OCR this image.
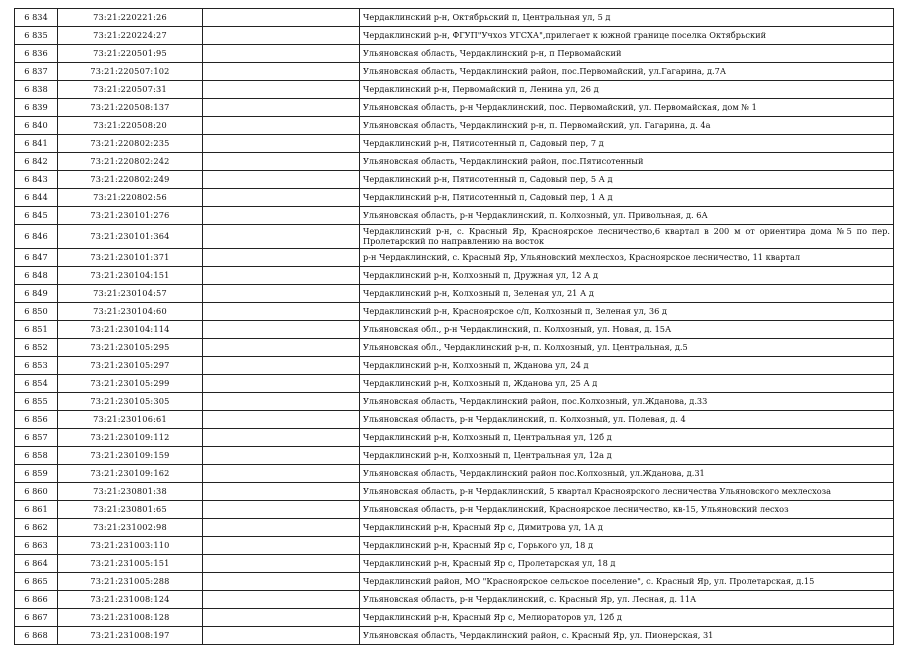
6 834	73:21:220221:26		Чердаклинский р-н, Октябрьский п, Центральная ул, 5 д
6 835	73:21:220224:27		Чердаклинский р-н, ФГУП"Учхоз УГСХА",прилегает к южной границе поселка Октябрьский
6 836	73:21:220501:95		Ульяновская область, Чердаклинский р-н, п Первомайский
6 837	73:21:220507:102		Ульяновская область, Чердаклинский район, пос.Первомайский, ул.Гагарина, д.7А
6 838	73:21:220507:31		Чердаклинский р-н, Первомайский п, Ленина ул, 26 д
6 839	73:21:220508:137		Ульяновская область, р-н Чердаклинский, пос. Первомайский, ул. Первомайская, дом № 1
6 840	73:21:220508:20		Ульяновская область, Чердаклинский р-н, п. Первомайский, ул. Гагарина, д. 4а
6 841	73:21:220802:235		Чердаклинский р-н, Пятисотенный п, Садовый пер, 7 д
6 842	73:21:220802:242		Ульяновская область, Чердаклинский район, пос.Пятисотенный
6 843	73:21:220802:249		Чердаклинский р-н, Пятисотенный п, Садовый пер, 5 А д
6 844	73:21:220802:56		Чердаклинский р-н, Пятисотенный п, Садовый пер, 1 А д
6 845	73:21:230101:276		Ульяновская область, р-н Чердаклинский, п. Колхозный, ул. Привольная, д. 6А
6 846	73:21:230101:364		Чердаклинский р-н, с. Красный Яр, Красноярское лесничество,6 квартал в 200 м от ориентира дома №5 по пер. Пролетарский по направлению на восток
6 847	73:21:230101:371		р-н Чердаклинский, с. Красный Яр, Ульяновский мехлесхоз, Красноярское лесничество, 11 квартал
6 848	73:21:230104:151		Чердаклинский р-н, Колхозный п, Дружная ул, 12 А д
6 849	73:21:230104:57		Чердаклинский р-н, Колхозный п, Зеленая ул, 21 А д
6 850	73:21:230104:60		Чердаклинский р-н, Красноярское с/п, Колхозный п, Зеленая ул, 36 д
6 851	73:21:230104:114		Ульяновская обл., р-н Чердаклинский, п. Колхозный, ул. Новая, д. 15А
6 852	73:21:230105:295		Ульяновская обл., Чердаклинский р-н, п. Колхозный, ул. Центральная, д.5
6 853	73:21:230105:297		Чердаклинский р-н, Колхозный п, Жданова ул, 24 д
6 854	73:21:230105:299		Чердаклинский р-н, Колхозный п, Жданова ул, 25 А д
6 855	73:21:230105:305		Ульяновская область, Чердаклинский район, пос.Колхозный, ул.Жданова, д.33
6 856	73:21:230106:61		Ульяновская область, р-н Чердаклинский, п. Колхозный, ул. Полевая, д. 4
6 857	73:21:230109:112		Чердаклинский р-н, Колхозный п, Центральная ул, 12б д
6 858	73:21:230109:159		Чердаклинский р-н, Колхозный п, Центральная ул, 12а д
6 859	73:21:230109:162		Ульяновская область, Чердаклинский район пос.Колхозный, ул.Жданова, д.31
6 860	73:21:230801:38		Ульяновская область, р-н Чердаклинский, 5 квартал Красноярского лесничества Ульяновского мехлесхоза
6 861	73:21:230801:65		Ульяновская область, р-н Чердаклинский, Красноярское лесничество, кв-15, Ульяновский лесхоз
6 862	73:21:231002:98		Чердаклинский р-н, Красный Яр с, Димитрова ул, 1А д
6 863	73:21:231003:110		Чердаклинский р-н, Красный Яр с, Горького ул, 18 д
6 864	73:21:231005:151		Чердаклинский р-н, Красный Яр с, Пролетарская ул, 18 д
6 865	73:21:231005:288		Чердаклинский район, МО "Красноярское сельское поселение", с. Красный Яр, ул. Пролетарская, д.15
6 866	73:21:231008:124		Ульяновская область, р-н Чердаклинский, с. Красный Яр, ул. Лесная, д. 11А
6 867	73:21:231008:128		Чердаклинский р-н, Красный Яр с, Мелиораторов ул, 12б д
6 868	73:21:231008:197		Ульяновская область, Чердаклинский район, с. Красный Яр, ул. Пионерская, 31
